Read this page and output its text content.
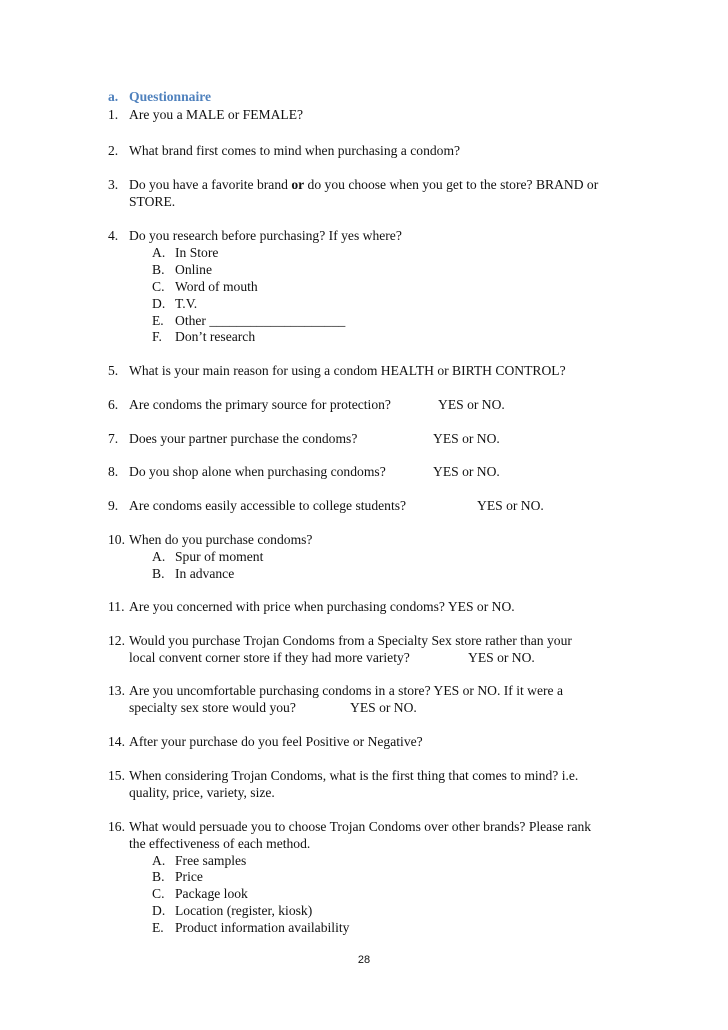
a. Questionnaire
1. Are you a MALE or FEMALE?
2. What brand first comes to mind when purchasing a condom?
3. Do you have a favorite brand or do you choose when you get to the store? BRAND or
STORE.
4. Do you research before purchasing? If yes where?
A. In Store
B. Online
C. Word of mouth
D. T.V.
E. Other ____________________
F. Don’t research
5. What is your main reason for using a condom HEALTH or BIRTH CONTROL?
6. Are condoms the primary source for protection?	YES or NO.
7. Does your partner purchase the condoms?	YES or NO.
8. Do you shop alone when purchasing condoms?	YES or NO.
9. Are condoms easily accessible to college students?	YES or NO.
10. When do you purchase condoms?
A. Spur of moment
B. In advance
11. Are you concerned with price when purchasing condoms? YES or NO.
12. Would you purchase Trojan Condoms from a Specialty Sex store rather than your
local convent corner store if they had more variety?	YES or NO.
13. Are you uncomfortable purchasing condoms in a store? YES or NO. If it were a
specialty sex store would you?	YES or NO.
14. After your purchase do you feel Positive or Negative?
15. When considering Trojan Condoms, what is the first thing that comes to mind? i.e.
quality, price, variety, size.
16. What would persuade you to choose Trojan Condoms over other brands? Please rank
the effectiveness of each method.
A. Free samples
B. Price
C. Package look
D. Location (register, kiosk)
E. Product information availability
28
